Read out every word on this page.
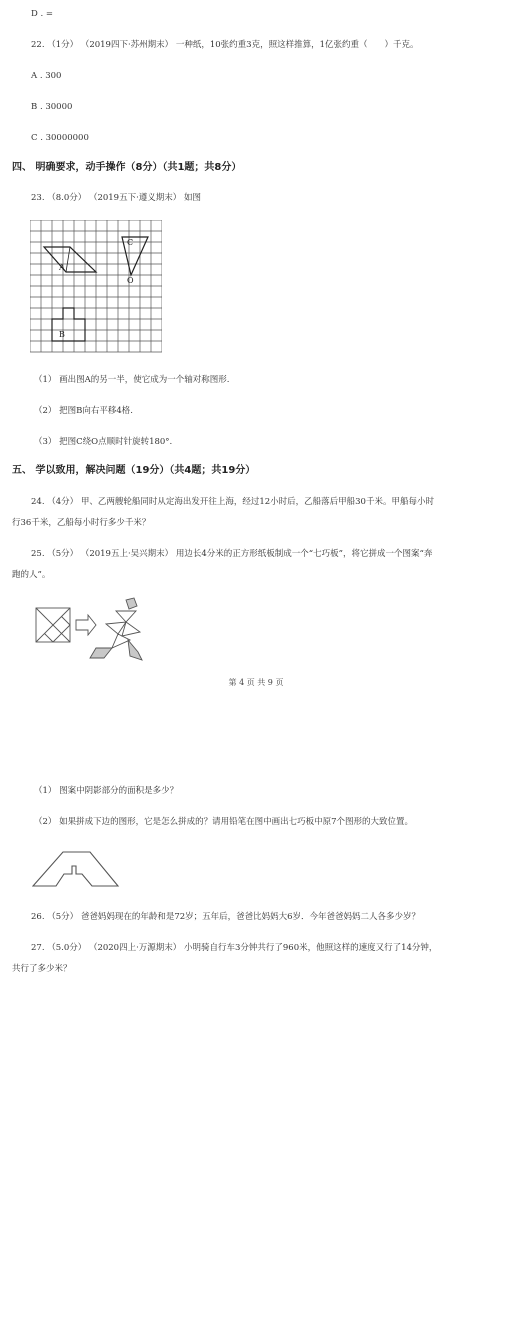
D . =
22. （1分） （2019四下·苏州期末） 一种纸，10张约重3克，照这样推算，1亿张约重（　　）千克。
A . 300
B . 30000
C . 30000000
四、 明确要求，动手操作（8分）（共1题；共8分）
23. （8.0分） （2019五下·遵义期末） 如图
A
C
O
B
（1） 画出图A的另一半，使它成为一个轴对称图形.
（2） 把图B向右平移4格.
（3） 把图C绕O点顺时针旋转180°.
五、 学以致用，解决问题（19分）（共4题；共19分）
24. （4分） 甲、乙两艘轮船同时从定海出发开往上海，经过12小时后，乙船落后甲船30千米。甲船每小时
行36千米，乙船每小时行多少千米？
25. （5分） （2019五上·吴兴期末） 用边长4分米的正方形纸板制成一个“七巧板”，将它拼成一个图案“奔
跑的人”。
第 4 页 共 9 页
（1） 图案中阴影部分的面积是多少？
（2） 如果拼成下边的图形，它是怎么拼成的？请用铅笔在图中画出七巧板中原7个图形的大致位置。
26. （5分） 爸爸妈妈现在的年龄和是72岁；五年后，爸爸比妈妈大6岁．今年爸爸妈妈二人各多少岁？
27. （5.0分） （2020四上·万源期末） 小明骑自行车3分钟共行了960米，他照这样的速度又行了14分钟，
共行了多少米？
